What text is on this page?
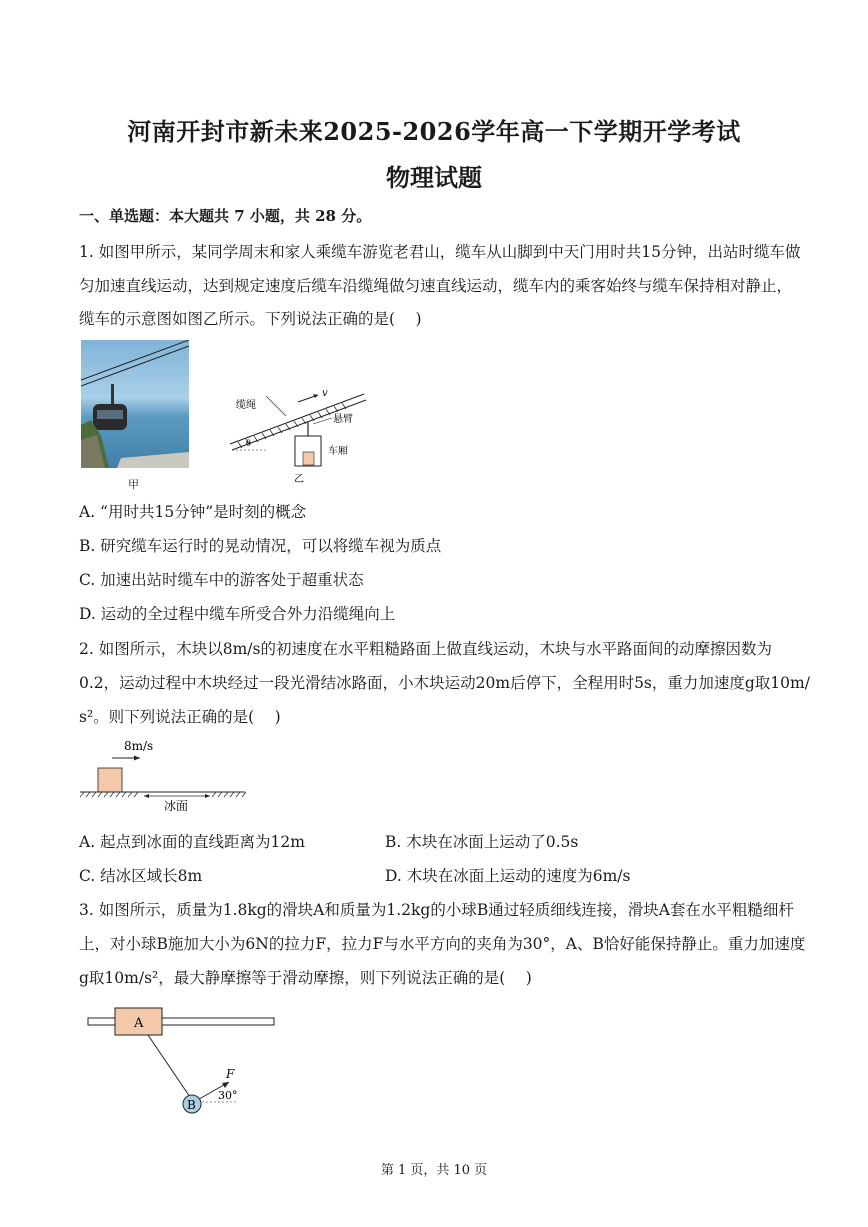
河南开封市新未来2025-2026学年高一下学期开学考试
物理试题
一、单选题：本大题共 7 小题，共 28 分。
1. 如图甲所示，某同学周末和家人乘缆车游览老君山，缆车从山脚到中天门用时共15分钟，出站时缆车做
匀加速直线运动，达到规定速度后缆车沿缆绳做匀速直线运动，缆车内的乘客始终与缆车保持相对静止，
缆车的示意图如图乙所示。下列说法正确的是(　 )
甲
v
θ
缆绳
悬臂
车厢
乙
A. “用时共15分钟”是时刻的概念
B. 研究缆车运行时的晃动情况，可以将缆车视为质点
C. 加速出站时缆车中的游客处于超重状态
D. 运动的全过程中缆车所受合外力沿缆绳向上
2. 如图所示，木块以8m/s的初速度在水平粗糙路面上做直线运动，木块与水平路面间的动摩擦因数为
0.2，运动过程中木块经过一段光滑结冰路面，小木块运动20m后停下，全程用时5s，重力加速度g取10m/
s²。则下列说法正确的是(　 )
8m/s
冰面
A. 起点到冰面的直线距离为12m	B. 木块在冰面上运动了0.5s
C. 结冰区域长8m	D. 木块在冰面上运动的速度为6m/s
3. 如图所示，质量为1.8kg的滑块A和质量为1.2kg的小球B通过轻质细线连接，滑块A套在水平粗糙细杆
上，对小球B施加大小为6N的拉力F，拉力F与水平方向的夹角为30°，A、B恰好能保持静止。重力加速度
g取10m/s²，最大静摩擦等于滑动摩擦，则下列说法正确的是(　 )
A
B
F
30°
第 1 页，共 10 页
